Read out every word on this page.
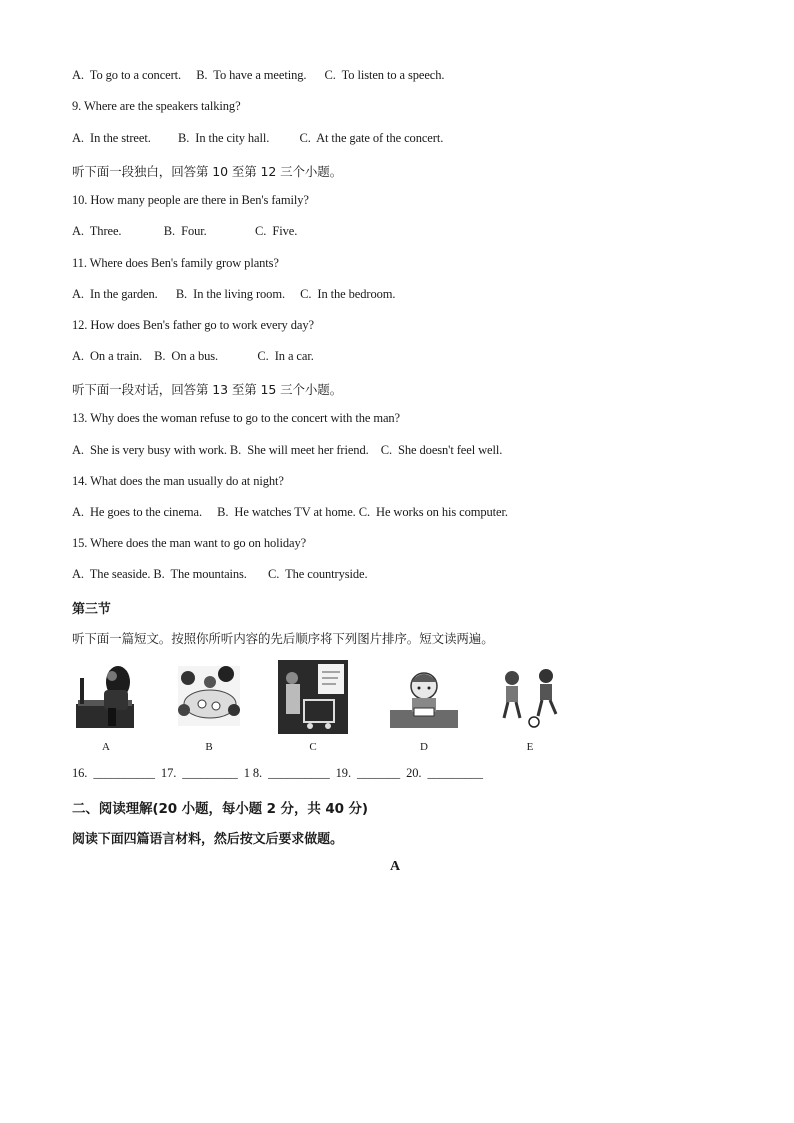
A.  To go to a concert.     B.  To have a meeting.      C.  To listen to a speech.
9. Where are the speakers talking?
A.  In the street.         B.  In the city hall.          C.  At the gate of the concert.
听下面一段独白，回答第 10 至第 12 三个小题。
10. How many people are there in Ben's family?
A.  Three.              B.  Four.                C.  Five.
11. Where does Ben's family grow plants?
A.  In the garden.      B.  In the living room.     C.  In the bedroom.
12. How does Ben's father go to work every day?
A.  On a train.    B.  On a bus.             C.  In a car.
听下面一段对话，回答第 13 至第 15 三个小题。
13. Why does the woman refuse to go to the concert with the man?
A.  She is very busy with work. B.  She will meet her friend.    C.  She doesn't feel well.
14. What does the man usually do at night?
A.  He goes to the cinema.     B.  He watches TV at home. C.  He works on his computer.
15. Where does the man want to go on holiday?
A.  The seaside. B.  The mountains.       C.  The countryside.
第三节
听下面一篇短文。按照你所听内容的先后顺序将下列图片排序。短文读两遍。
A	B	C	D	E
16.  __________  17.  _________  1 8.  __________  19.  _______  20.  _________
二、阅读理解(20 小题，每小题 2 分，共 40 分)
阅读下面四篇语言材料，然后按文后要求做题。
A
